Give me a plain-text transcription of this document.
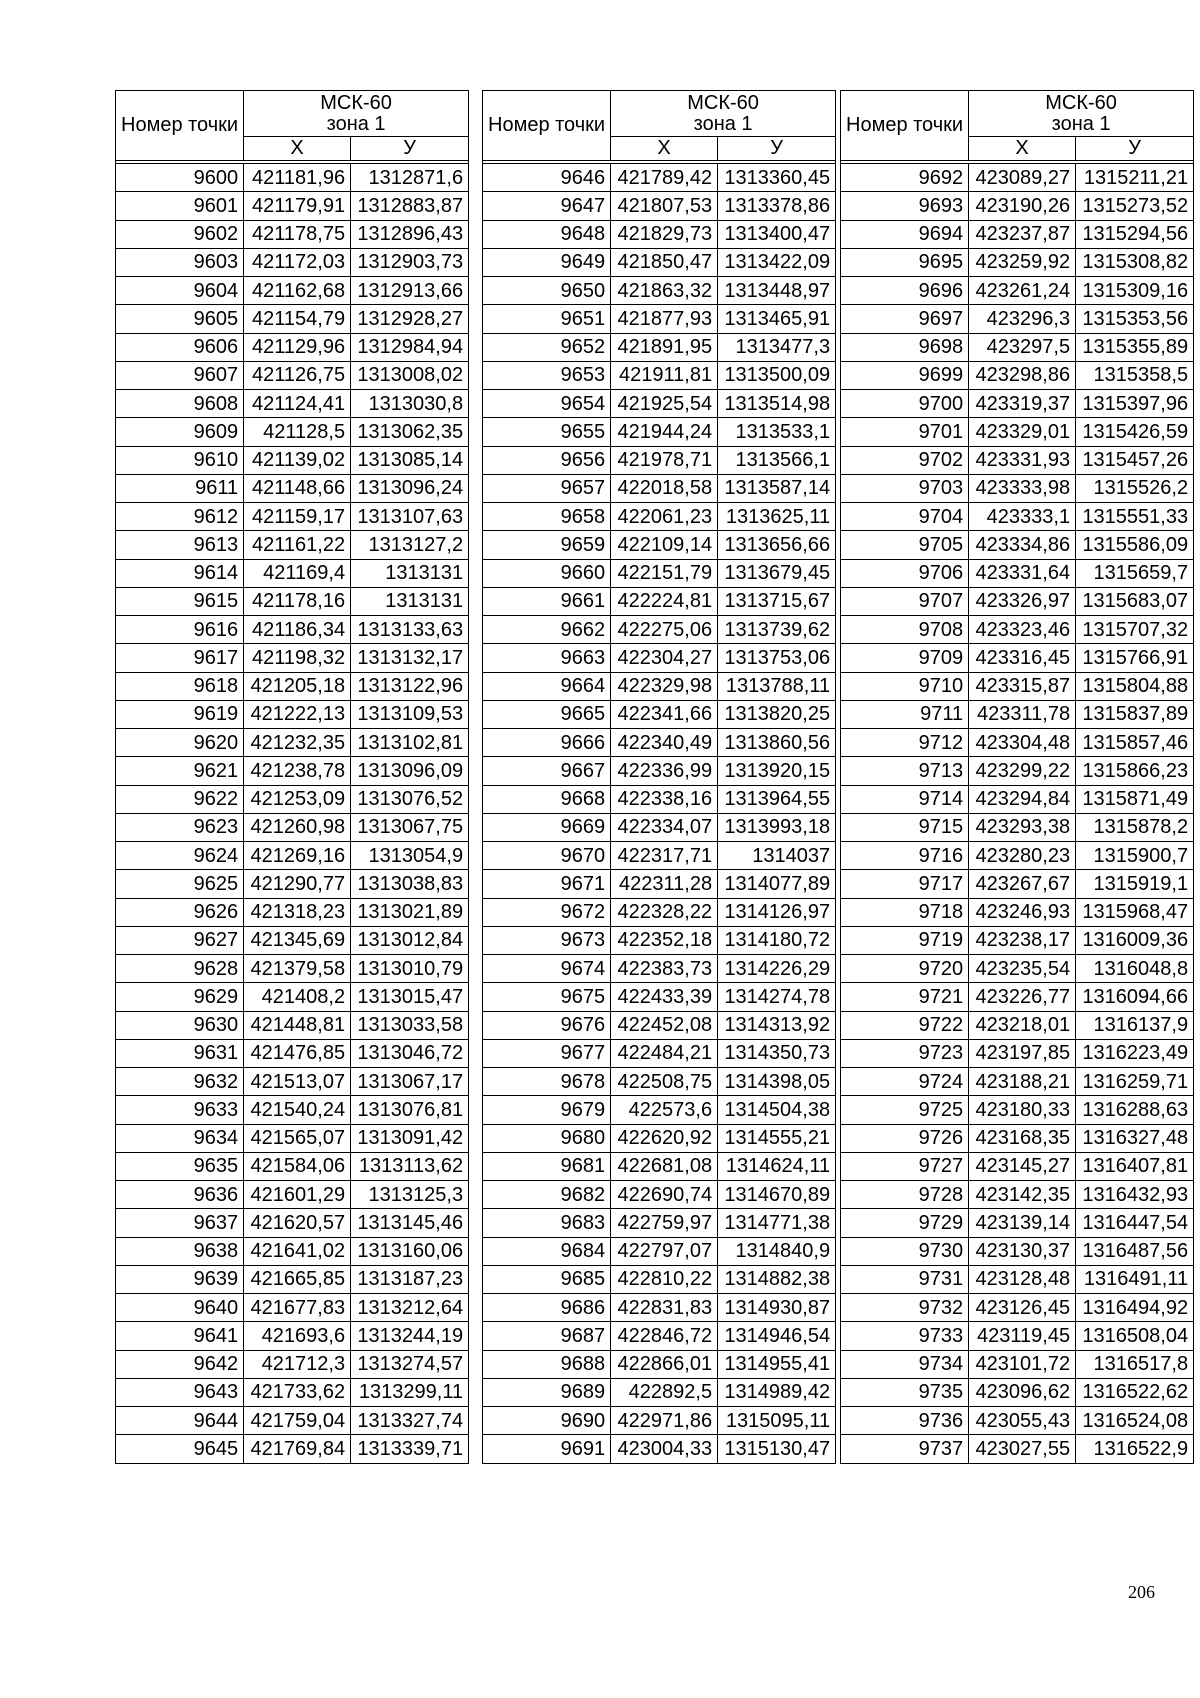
Номер точки	МСК-60
зона 1	

	X	У

9600	421181,96	1312871,6
9601	421179,91	1312883,87
9602	421178,75	1312896,43
9603	421172,03	1312903,73
9604	421162,68	1312913,66
9605	421154,79	1312928,27
9606	421129,96	1312984,94
9607	421126,75	1313008,02
9608	421124,41	1313030,8
9609	421128,5	1313062,35
9610	421139,02	1313085,14
9611	421148,66	1313096,24
9612	421159,17	1313107,63
9613	421161,22	1313127,2
9614	421169,4	1313131
9615	421178,16	1313131
9616	421186,34	1313133,63
9617	421198,32	1313132,17
9618	421205,18	1313122,96
9619	421222,13	1313109,53
9620	421232,35	1313102,81
9621	421238,78	1313096,09
9622	421253,09	1313076,52
9623	421260,98	1313067,75
9624	421269,16	1313054,9
9625	421290,77	1313038,83
9626	421318,23	1313021,89
9627	421345,69	1313012,84
9628	421379,58	1313010,79
9629	421408,2	1313015,47
9630	421448,81	1313033,58
9631	421476,85	1313046,72
9632	421513,07	1313067,17
9633	421540,24	1313076,81
9634	421565,07	1313091,42
9635	421584,06	1313113,62
9636	421601,29	1313125,3
9637	421620,57	1313145,46
9638	421641,02	1313160,06
9639	421665,85	1313187,23
9640	421677,83	1313212,64
9641	421693,6	1313244,19
9642	421712,3	1313274,57
9643	421733,62	1313299,11
9644	421759,04	1313327,74
9645	421769,84	1313339,71
Номер точки	МСК-60
зона 1	

	X	У

9646	421789,42	1313360,45
9647	421807,53	1313378,86
9648	421829,73	1313400,47
9649	421850,47	1313422,09
9650	421863,32	1313448,97
9651	421877,93	1313465,91
9652	421891,95	1313477,3
9653	421911,81	1313500,09
9654	421925,54	1313514,98
9655	421944,24	1313533,1
9656	421978,71	1313566,1
9657	422018,58	1313587,14
9658	422061,23	1313625,11
9659	422109,14	1313656,66
9660	422151,79	1313679,45
9661	422224,81	1313715,67
9662	422275,06	1313739,62
9663	422304,27	1313753,06
9664	422329,98	1313788,11
9665	422341,66	1313820,25
9666	422340,49	1313860,56
9667	422336,99	1313920,15
9668	422338,16	1313964,55
9669	422334,07	1313993,18
9670	422317,71	1314037
9671	422311,28	1314077,89
9672	422328,22	1314126,97
9673	422352,18	1314180,72
9674	422383,73	1314226,29
9675	422433,39	1314274,78
9676	422452,08	1314313,92
9677	422484,21	1314350,73
9678	422508,75	1314398,05
9679	422573,6	1314504,38
9680	422620,92	1314555,21
9681	422681,08	1314624,11
9682	422690,74	1314670,89
9683	422759,97	1314771,38
9684	422797,07	1314840,9
9685	422810,22	1314882,38
9686	422831,83	1314930,87
9687	422846,72	1314946,54
9688	422866,01	1314955,41
9689	422892,5	1314989,42
9690	422971,86	1315095,11
9691	423004,33	1315130,47
Номер точки	МСК-60
зона 1	

	X	У

9692	423089,27	1315211,21
9693	423190,26	1315273,52
9694	423237,87	1315294,56
9695	423259,92	1315308,82
9696	423261,24	1315309,16
9697	423296,3	1315353,56
9698	423297,5	1315355,89
9699	423298,86	1315358,5
9700	423319,37	1315397,96
9701	423329,01	1315426,59
9702	423331,93	1315457,26
9703	423333,98	1315526,2
9704	423333,1	1315551,33
9705	423334,86	1315586,09
9706	423331,64	1315659,7
9707	423326,97	1315683,07
9708	423323,46	1315707,32
9709	423316,45	1315766,91
9710	423315,87	1315804,88
9711	423311,78	1315837,89
9712	423304,48	1315857,46
9713	423299,22	1315866,23
9714	423294,84	1315871,49
9715	423293,38	1315878,2
9716	423280,23	1315900,7
9717	423267,67	1315919,1
9718	423246,93	1315968,47
9719	423238,17	1316009,36
9720	423235,54	1316048,8
9721	423226,77	1316094,66
9722	423218,01	1316137,9
9723	423197,85	1316223,49
9724	423188,21	1316259,71
9725	423180,33	1316288,63
9726	423168,35	1316327,48
9727	423145,27	1316407,81
9728	423142,35	1316432,93
9729	423139,14	1316447,54
9730	423130,37	1316487,56
9731	423128,48	1316491,11
9732	423126,45	1316494,92
9733	423119,45	1316508,04
9734	423101,72	1316517,8
9735	423096,62	1316522,62
9736	423055,43	1316524,08
9737	423027,55	1316522,9
206
